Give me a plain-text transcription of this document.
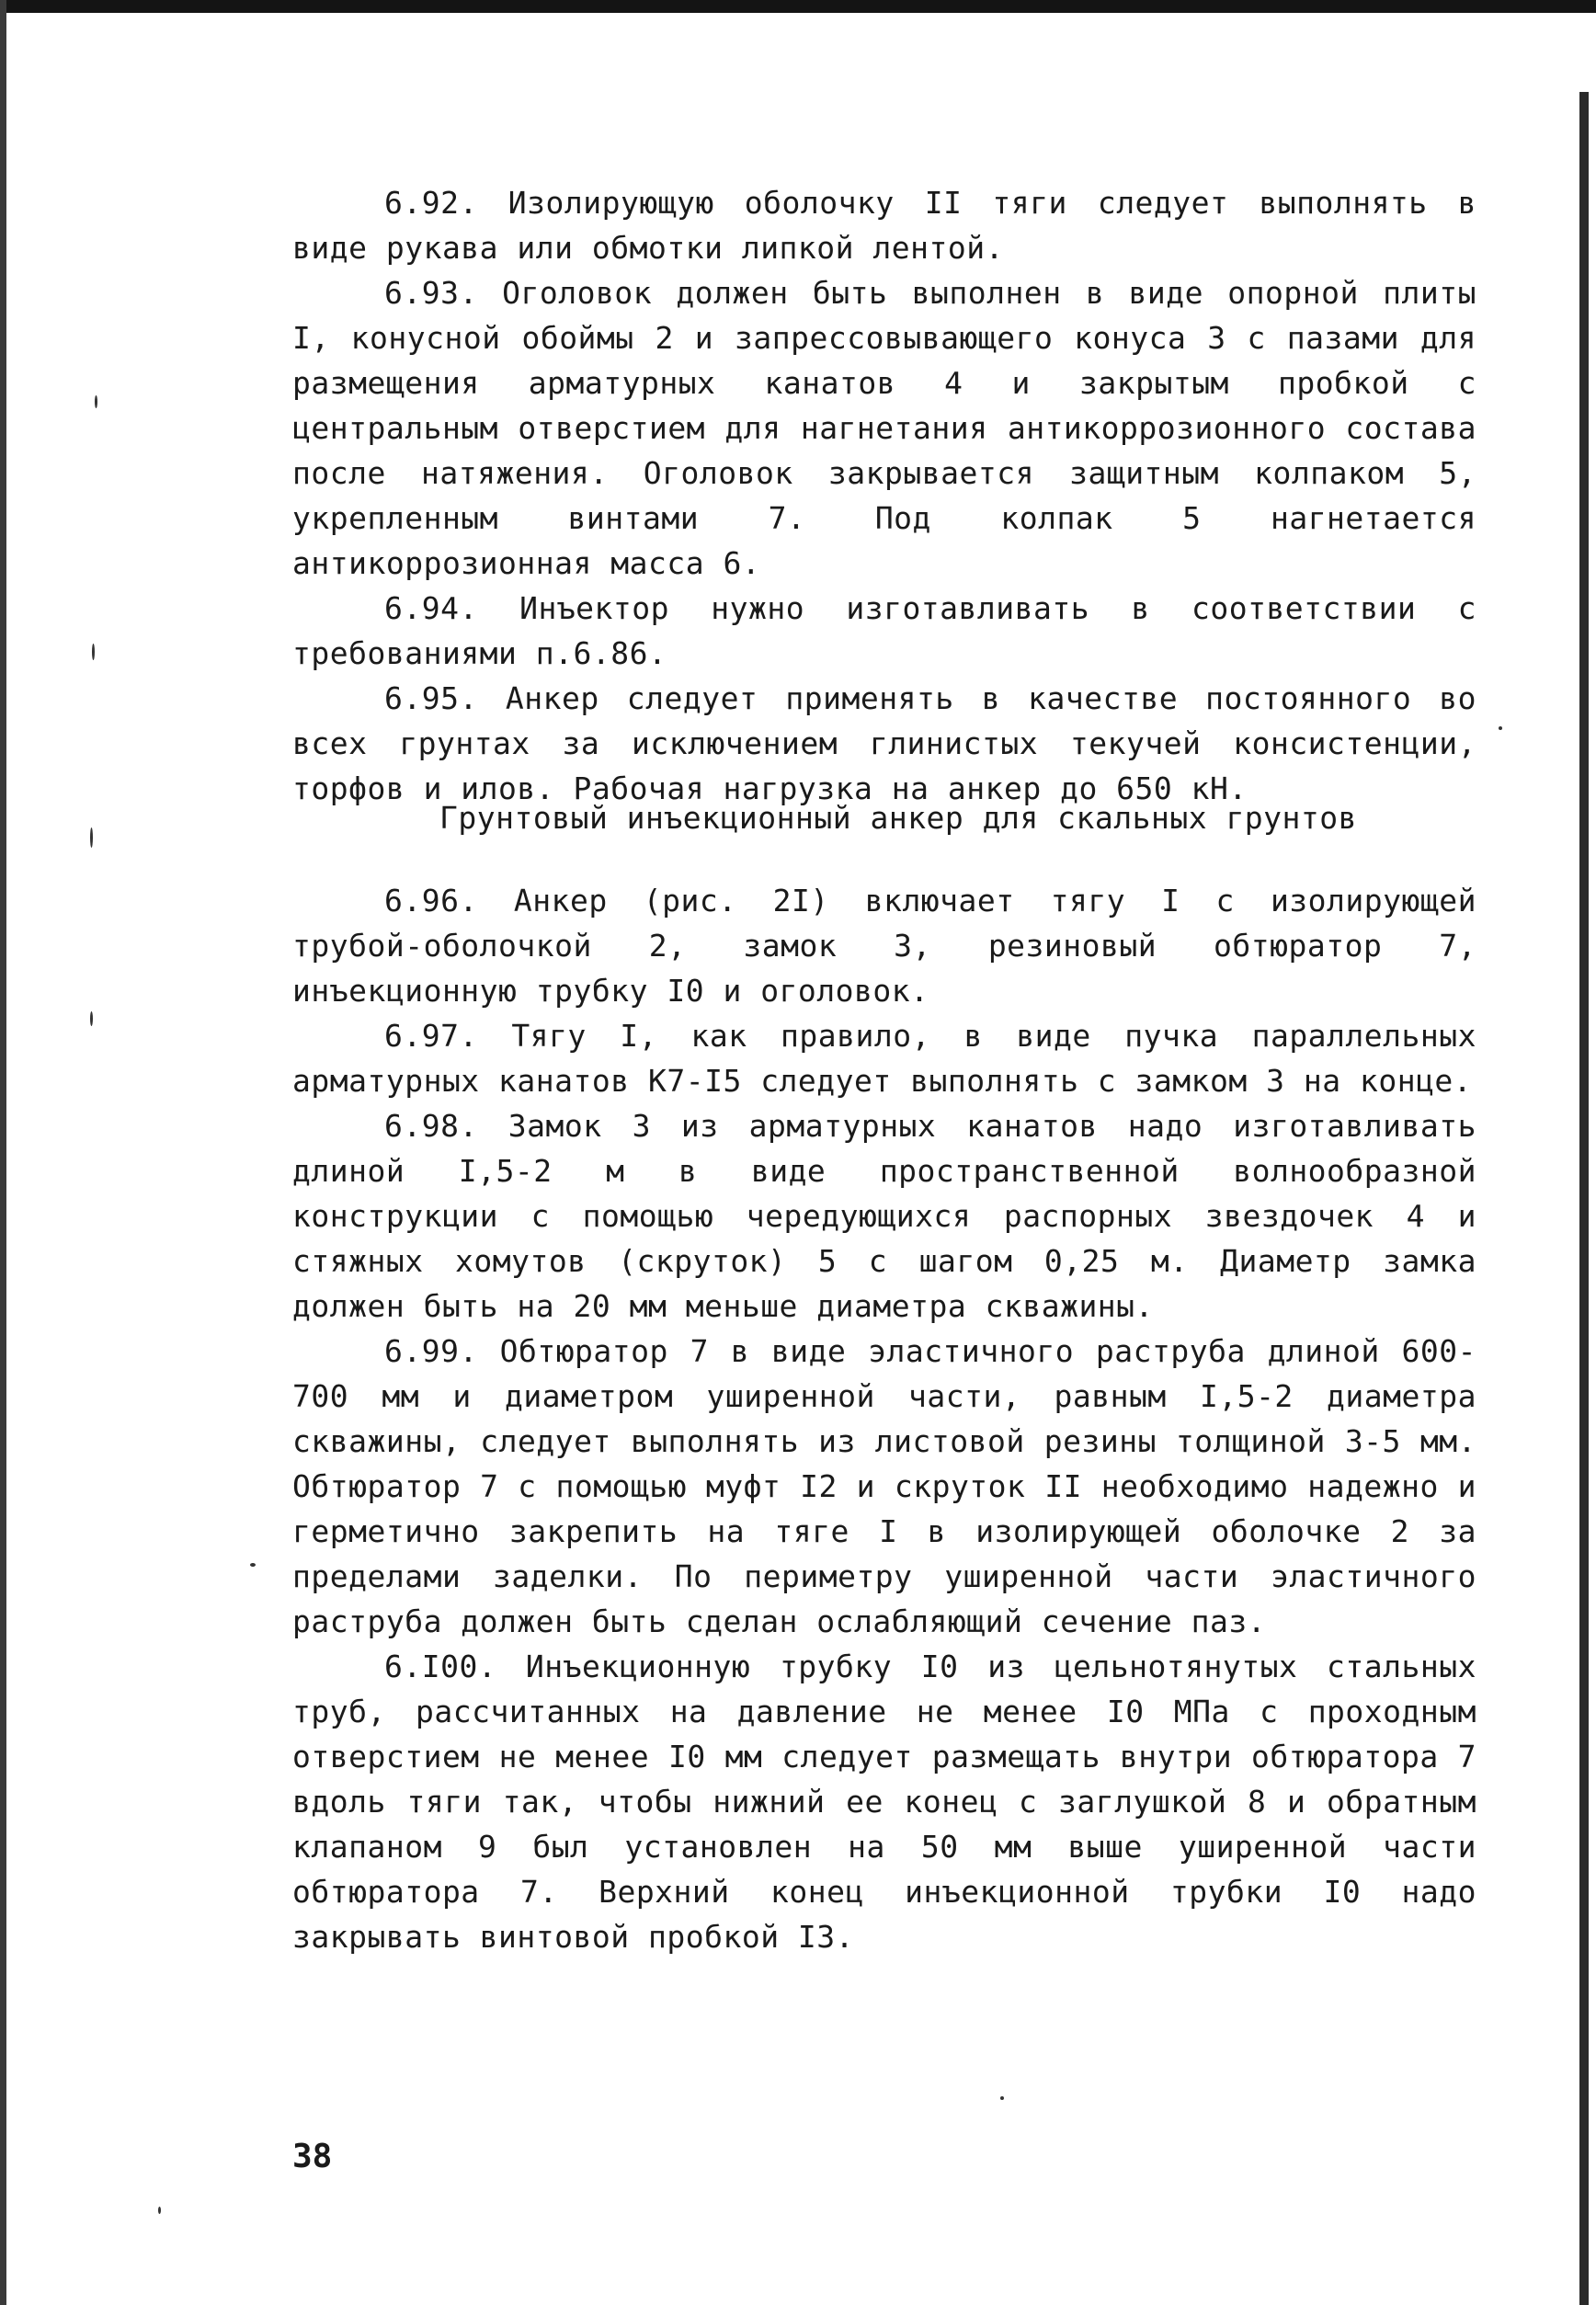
6.92. Изолирующую оболочку II тяги следует выполнять в виде рукава или обмотки липкой лентой.

6.93. Оголовок должен быть выполнен в виде опорной плиты I, конусной обоймы 2 и запрессовывающего конуса 3 с пазами для размещения арматурных канатов 4 и закрытым пробкой с центральным отверстием для нагнетания антикоррозионного состава после натяжения. Оголовок закрывается защитным колпаком 5, укрепленным винтами 7. Под колпак 5 нагнетается антикоррозионная масса 6.

6.94. Инъектор нужно изготавливать в соответствии с требованиями п.6.86.

6.95. Анкер следует применять в качестве постоянного во всех грунтах за исключением глинистых текучей консистенции, торфов и илов. Рабочая нагрузка на анкер до 650 кН.

Грунтовый инъекционный анкер для скальных грунтов

6.96. Анкер (рис. 2I) включает тягу I с изолирующей трубой-оболочкой 2, замок 3, резиновый обтюратор 7, инъекционную трубку I0 и оголовок.

6.97. Тягу I, как правило, в виде пучка параллельных арматурных канатов К7-I5 следует выполнять с замком 3 на конце.

6.98. Замок 3 из арматурных канатов надо изготавливать длиной I,5-2 м в виде пространственной волнообразной конструкции с помощью чередующихся распорных звездочек 4 и стяжных хомутов (скруток) 5 с шагом 0,25 м. Диаметр замка должен быть на 20 мм меньше диаметра скважины.

6.99. Обтюратор 7 в виде эластичного раструба длиной 600-700 мм и диаметром уширенной части, равным I,5-2 диаметра скважины, следует выполнять из листовой резины толщиной 3-5 мм. Обтюратор 7 с помощью муфт I2 и скруток II необходимо надежно и герметично закрепить на тяге I в изолирующей оболочке 2 за пределами заделки. По периметру уширенной части эластичного раструба должен быть сделан ослабляющий сечение паз.

6.I00. Инъекционную трубку I0 из цельнотянутых стальных труб, рассчитанных на давление не менее I0 МПа с проходным отверстием не менее I0 мм следует размещать внутри обтюратора 7 вдоль тяги так, чтобы нижний ее конец с заглушкой 8 и обратным клапаном 9 был установлен на 50 мм выше уширенной части обтюратора 7. Верхний конец инъекционной трубки I0 надо закрывать винтовой пробкой I3.

38
